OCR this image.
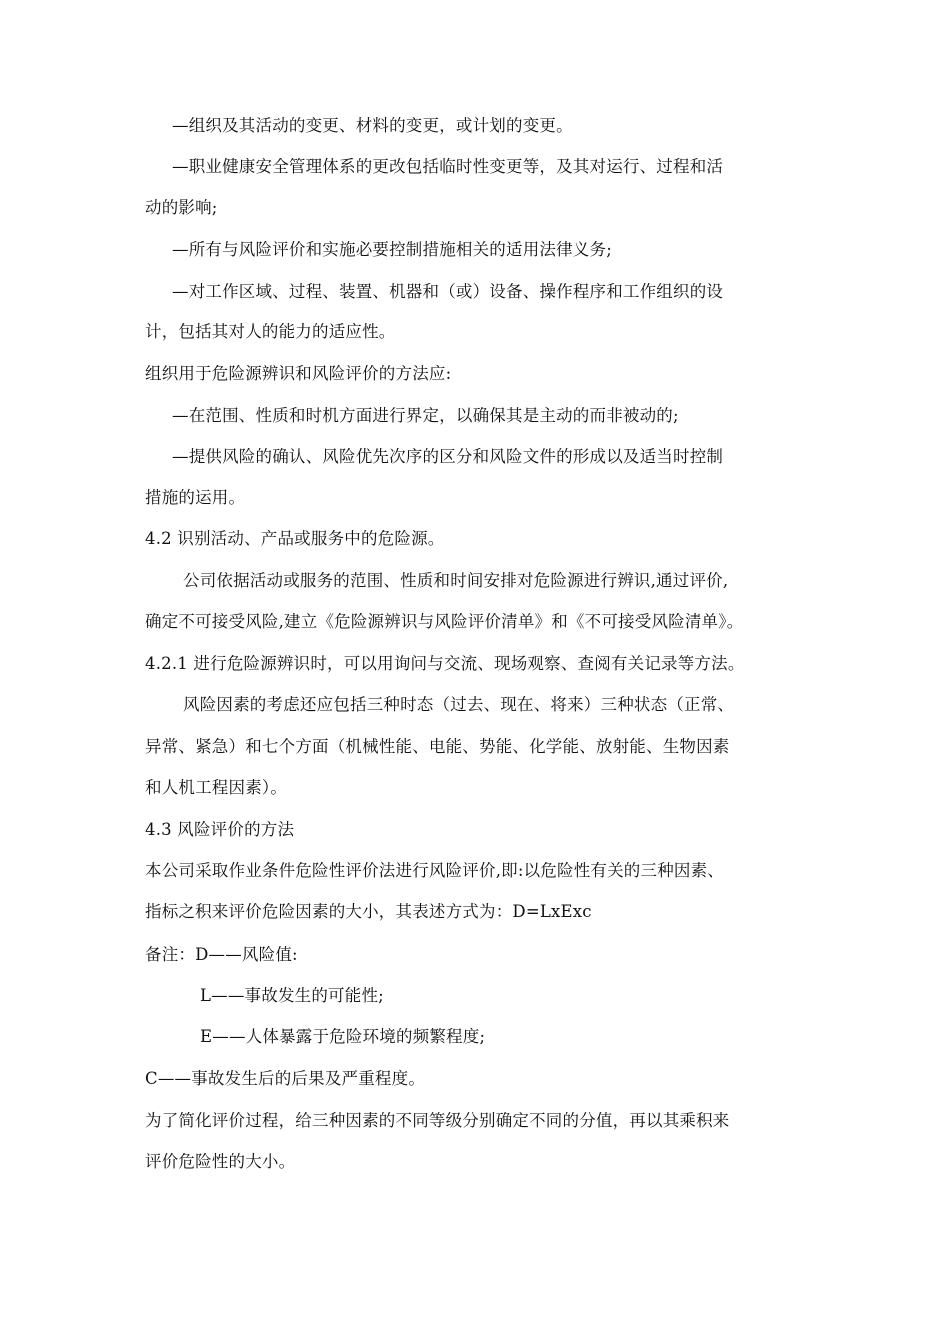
—组织及其活动的变更、材料的变更，或计划的变更。
—职业健康安全管理体系的更改包括临时性变更等，及其对运行、过程和活
动的影响;
—所有与风险评价和实施必要控制措施相关的适用法律义务;
—对工作区域、过程、装置、机器和（或）设备、操作程序和工作组织的设
计，包括其对人的能力的适应性。
组织用于危险源辨识和风险评价的方法应:
—在范围、性质和时机方面进行界定，以确保其是主动的而非被动的;
—提供风险的确认、风险优先次序的区分和风险文件的形成以及适当时控制
措施的运用。
4.2 识别活动、产品或服务中的危险源。
公司依据活动或服务的范围、性质和时间安排对危险源进行辨识,通过评价,
确定不可接受风险,建立《危险源辨识与风险评价清单》和《不可接受风险清单》。
4.2.1 进行危险源辨识时，可以用询问与交流、现场观察、查阅有关记录等方法。
风险因素的考虑还应包括三种时态（过去、现在、将来）三种状态（正常、
异常、紧急）和七个方面（机械性能、电能、势能、化学能、放射能、生物因素
和人机工程因素）。
4.3 风险评价的方法
本公司采取作业条件危险性评价法进行风险评价,即:以危险性有关的三种因素、
指标之积来评价危险因素的大小，其表述方式为：D=LxExc
备注：D——风险值:
L——事故发生的可能性;
E——人体暴露于危险环境的频繁程度;
C——事故发生后的后果及严重程度。
为了简化评价过程，给三种因素的不同等级分别确定不同的分值，再以其乘积来
评价危险性的大小。
